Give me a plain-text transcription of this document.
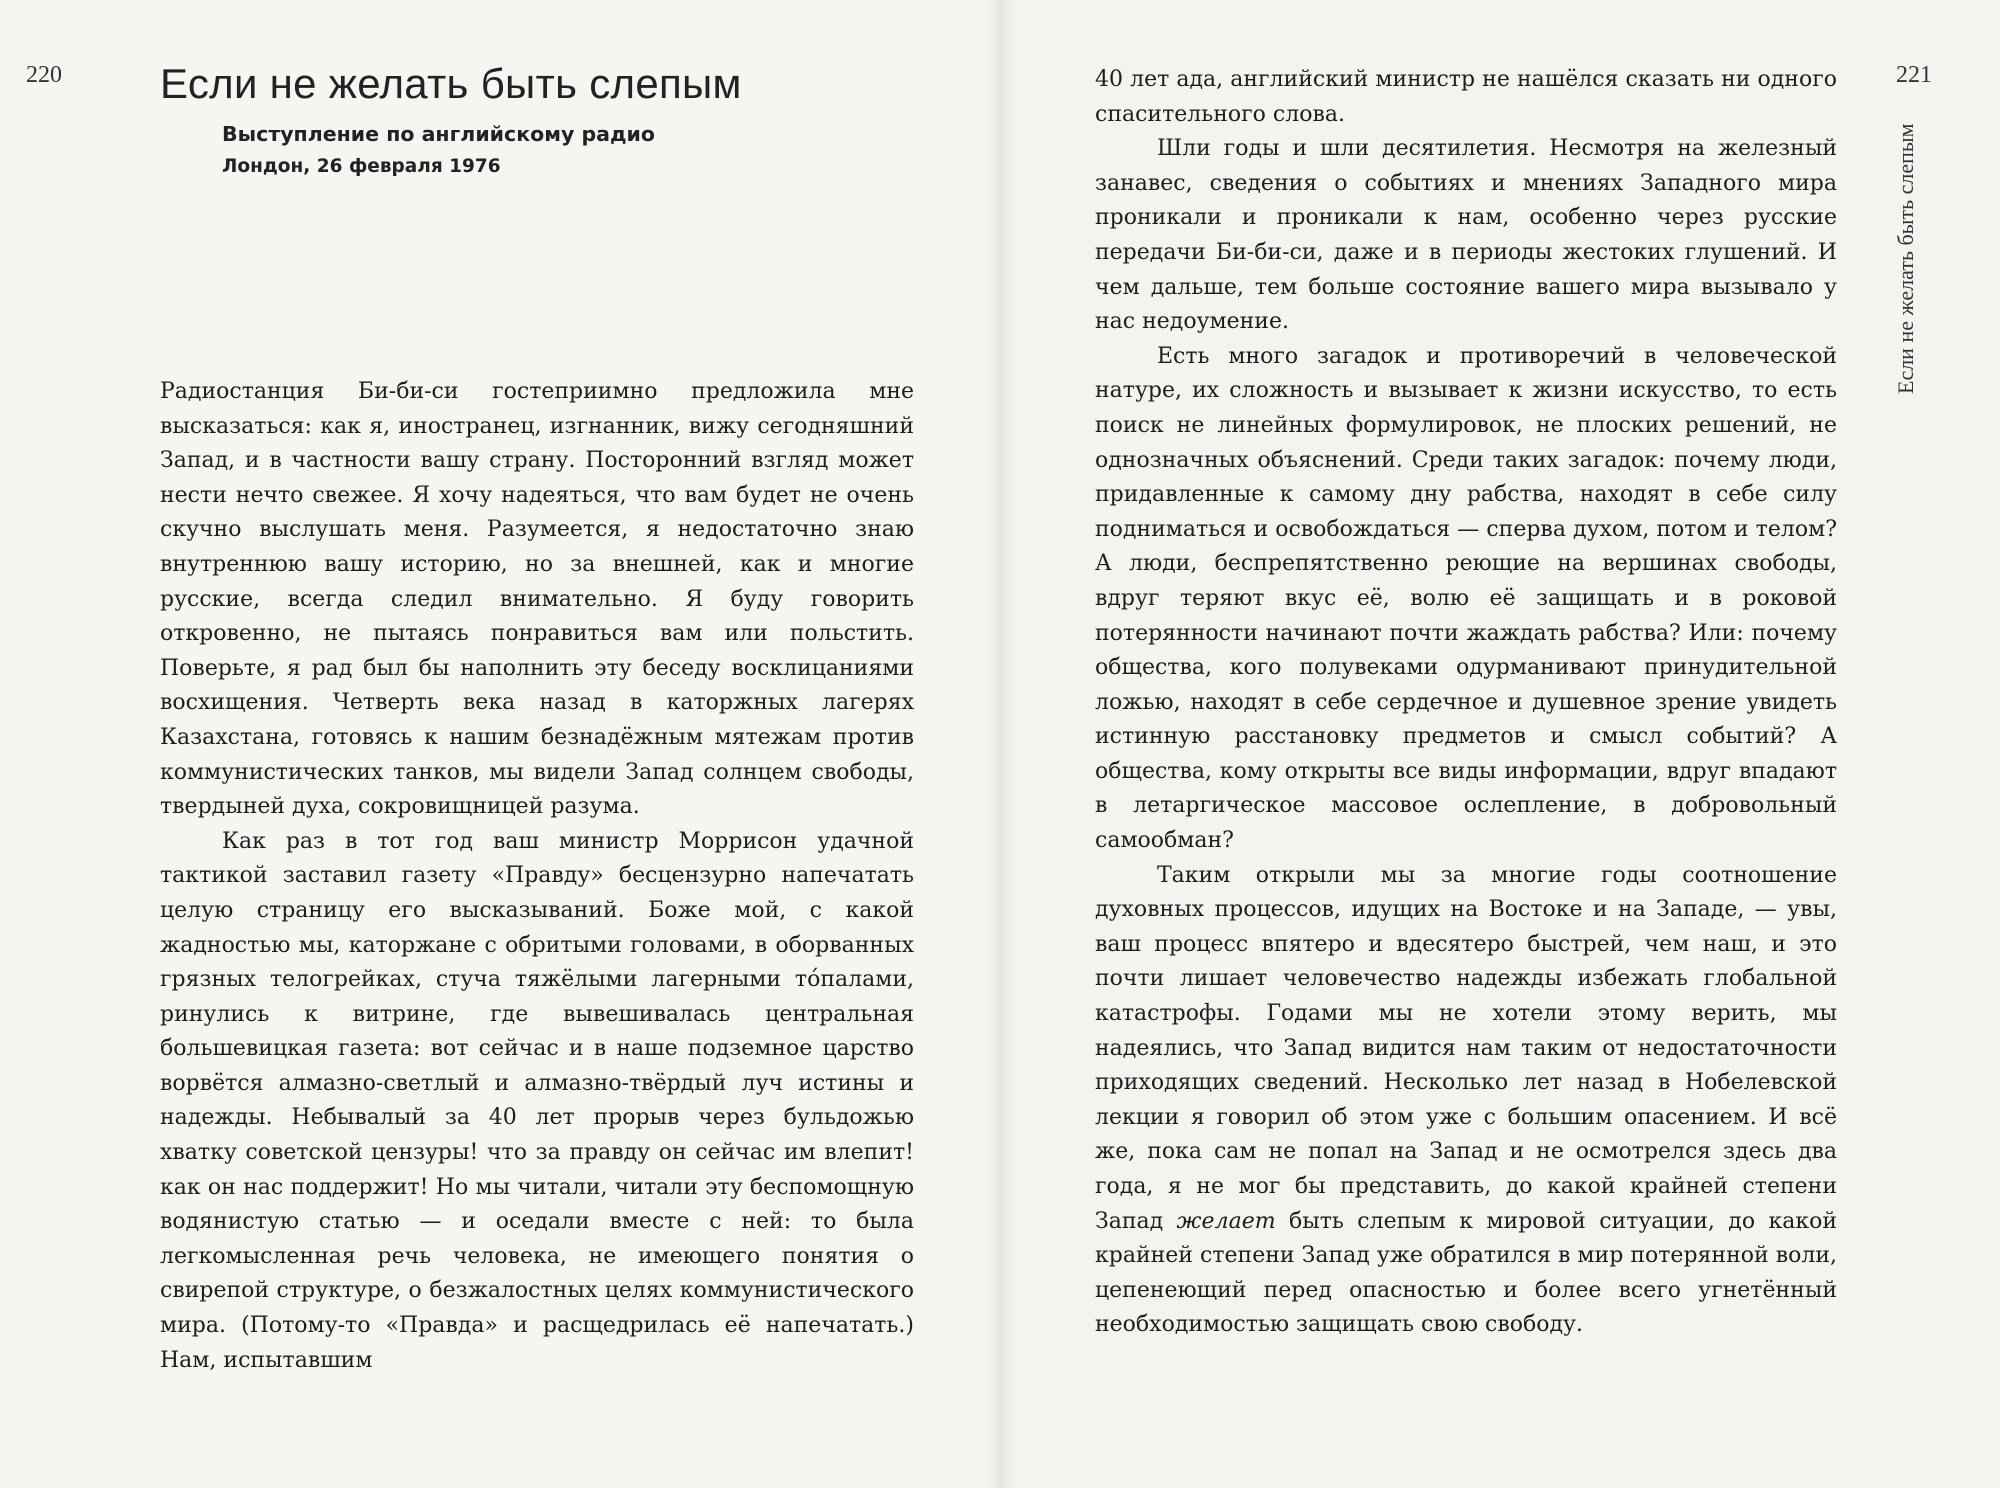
220 Если не желать быть слепым
Выступление по английскому радио
Лондон, 26 февраля 1976

Радиостанция Би-би-си гостеприимно предложила мне высказаться: как я, иностранец, изгнанник, вижу сегодняшний Запад, и в частности вашу страну. Посторонний взгляд может нести нечто свежее. Я хочу надеяться, что вам будет не очень скучно выслушать меня. Разумеется, я недостаточно знаю внутреннюю вашу историю, но за внешней, как и многие русские, всегда следил внимательно. Я буду говорить откровенно, не пытаясь понравиться вам или польстить. Поверьте, я рад был бы наполнить эту беседу восклицаниями восхищения. Четверть века назад в каторжных лагерях Казахстана, готовясь к нашим безнадёжным мятежам против коммунистических танков, мы видели Запад солнцем свободы, твердыней духа, сокровищницей разума.

Как раз в тот год ваш министр Моррисон удачной тактикой заставил газету «Правду» бесцензурно напечатать целую страницу его высказываний. Боже мой, с какой жадностью мы, каторжане с обритыми головами, в оборванных грязных телогрейках, стуча тяжёлыми лагерными то́палами, ринулись к витрине, где вывешивалась центральная большевицкая газета: вот сейчас и в наше подземное царство ворвётся алмазно-светлый и алмазно-твёрдый луч истины и надежды. Небывалый за 40 лет прорыв через бульдожью хватку советской цензуры! что за правду он сейчас им влепит! как он нас поддержит! Но мы читали, читали эту беспомощную водянистую статью — и оседали вместе с ней: то была легкомысленная речь человека, не имеющего понятия о свирепой структуре, о безжалостных целях коммунистического мира. (Потому-то «Правда» и расщедрилась её напечатать.) Нам, испытавшим

40 лет ада, английский министр не нашёлся сказать ни одного спасительного слова.

Шли годы и шли десятилетия. Несмотря на железный занавес, сведения о событиях и мнениях Западного мира проникали и проникали к нам, особенно через русские передачи Би-би-си, даже и в периоды жестоких глушений. И чем дальше, тем больше состояние вашего мира вызывало у нас недоумение.

Есть много загадок и противоречий в человеческой натуре, их сложность и вызывает к жизни искусство, то есть поиск не линейных формулировок, не плоских решений, не однозначных объяснений. Среди таких загадок: почему люди, придавленные к самому дну рабства, находят в себе силу подниматься и освобождаться — сперва духом, потом и телом? А люди, беспрепятственно реющие на вершинах свободы, вдруг теряют вкус её, волю её защищать и в роковой потерянности начинают почти жаждать рабства? Или: почему общества, кого полувеками одурманивают принудительной ложью, находят в себе сердечное и душевное зрение увидеть истинную расстановку предметов и смысл событий? А общества, кому открыты все виды информации, вдруг впадают в летаргическое массовое ослепление, в добровольный самообман?

Таким открыли мы за многие годы соотношение духовных процессов, идущих на Востоке и на Западе, — увы, ваш процесс впятеро и вдесятеро быстрей, чем наш, и это почти лишает человечество надежды избежать глобальной катастрофы. Годами мы не хотели этому верить, мы надеялись, что Запад видится нам таким от недостаточности приходящих сведений. Несколько лет назад в Нобелевской лекции я говорил об этом уже с большим опасением. И всё же, пока сам не попал на Запад и не осмотрелся здесь два года, я не мог бы представить, до какой крайней степени Запад желает быть слепым к мировой ситуации, до какой крайней степени Запад уже обратился в мир потерянной воли, цепенеющий перед опасностью и более всего угнетённый необходимостью защищать свою свободу.

221
Если не желать быть слепым
